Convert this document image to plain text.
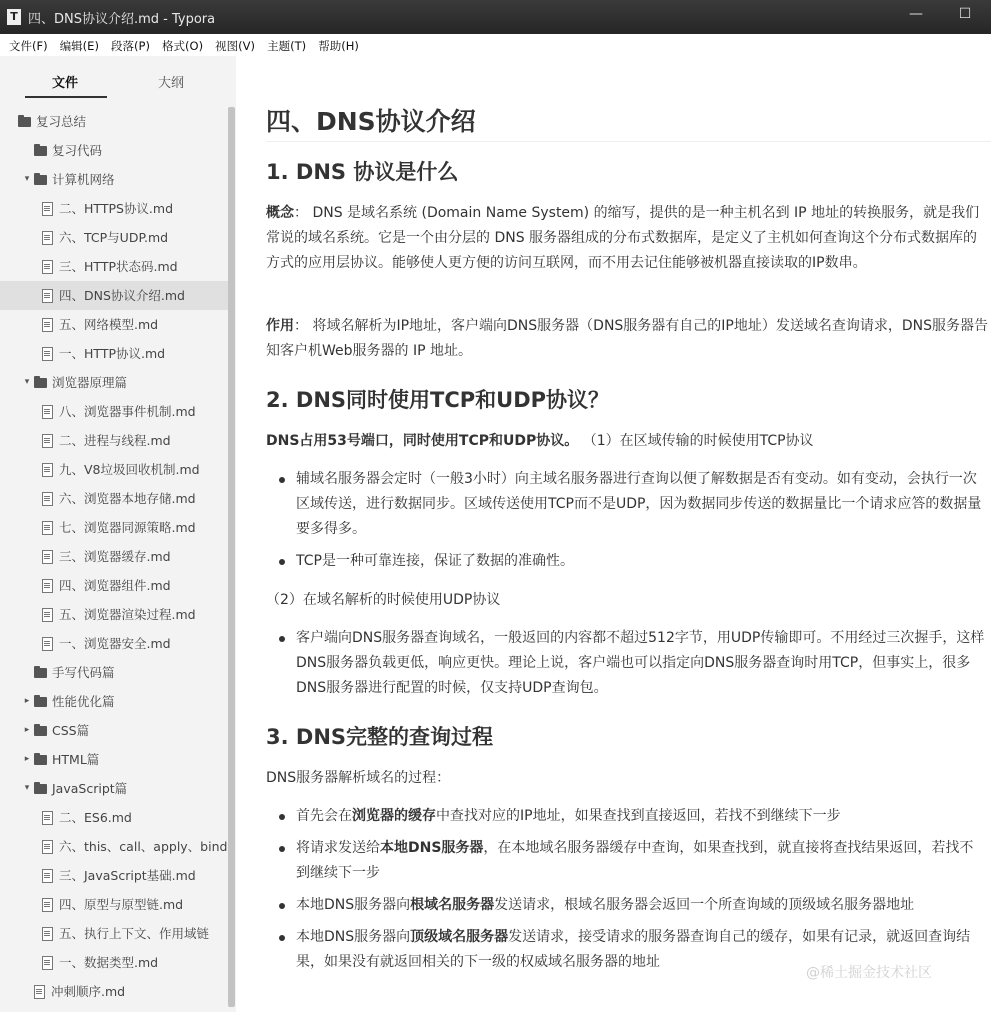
T 四、DNS协议介绍.md - Typora	—	☐
文件(F) 编辑(E) 段落(P) 格式(O) 视图(V) 主题(T) 帮助(H)
文件	大纲
复习总结
复习代码
▾ 计算机网络
二、HTTPS协议.md
六、TCP与UDP.md
三、HTTP状态码.md
四、DNS协议介绍.md
五、网络模型.md
一、HTTP协议.md
▾ 浏览器原理篇
八、浏览器事件机制.md
二、进程与线程.md
九、V8垃圾回收机制.md
六、浏览器本地存储.md
七、浏览器同源策略.md
三、浏览器缓存.md
四、浏览器组件.md
五、浏览器渲染过程.md
一、浏览器安全.md
手写代码篇
▸ 性能优化篇
▸ CSS篇
▸ HTML篇
▾ JavaScript篇
二、ES6.md
六、this、call、apply、bind
三、JavaScript基础.md
四、原型与原型链.md
五、执行上下文、作用域链
一、数据类型.md
冲刺顺序.md
四、DNS协议介绍
1. DNS 协议是什么

概念： DNS 是域名系统 (Domain Name System) 的缩写，提供的是一种主机名到 IP 地址的转换服务，就是我们常说的域名系统。它是一个由分层的 DNS 服务器组成的分布式数据库，是定义了主机如何查询这个分布式数据库的方式的应用层协议。能够使人更方便的访问互联网，而不用去记住能够被机器直接读取的IP数串。

作用： 将域名解析为IP地址，客户端向DNS服务器（DNS服务器有自己的IP地址）发送域名查询请求，DNS服务器告知客户机Web服务器的 IP 地址。

2. DNS同时使用TCP和UDP协议？

DNS占用53号端口，同时使用TCP和UDP协议。 （1）在区域传输的时候使用TCP协议

辅域名服务器会定时（一般3小时）向主域名服务器进行查询以便了解数据是否有变动。如有变动，会执行一次区域传送，进行数据同步。区域传送使用TCP而不是UDP，因为数据同步传送的数据量比一个请求应答的数据量要多得多。
TCP是一种可靠连接，保证了数据的准确性。

（2）在域名解析的时候使用UDP协议

客户端向DNS服务器查询域名，一般返回的内容都不超过512字节，用UDP传输即可。不用经过三次握手，这样DNS服务器负载更低，响应更快。理论上说，客户端也可以指定向DNS服务器查询时用TCP，但事实上，很多DNS服务器进行配置的时候，仅支持UDP查询包。
3. DNS完整的查询过程

DNS服务器解析域名的过程：

首先会在浏览器的缓存中查找对应的IP地址，如果查找到直接返回，若找不到继续下一步
将请求发送给本地DNS服务器，在本地域名服务器缓存中查询，如果查找到，就直接将查找结果返回，若找不到继续下一步
本地DNS服务器向根域名服务器发送请求，根域名服务器会返回一个所查询域的顶级域名服务器地址
本地DNS服务器向顶级域名服务器发送请求，接受请求的服务器查询自己的缓存，如果有记录，就返回查询结果，如果没有就返回相关的下一级的权威域名服务器的地址
@稀土掘金技术社区
